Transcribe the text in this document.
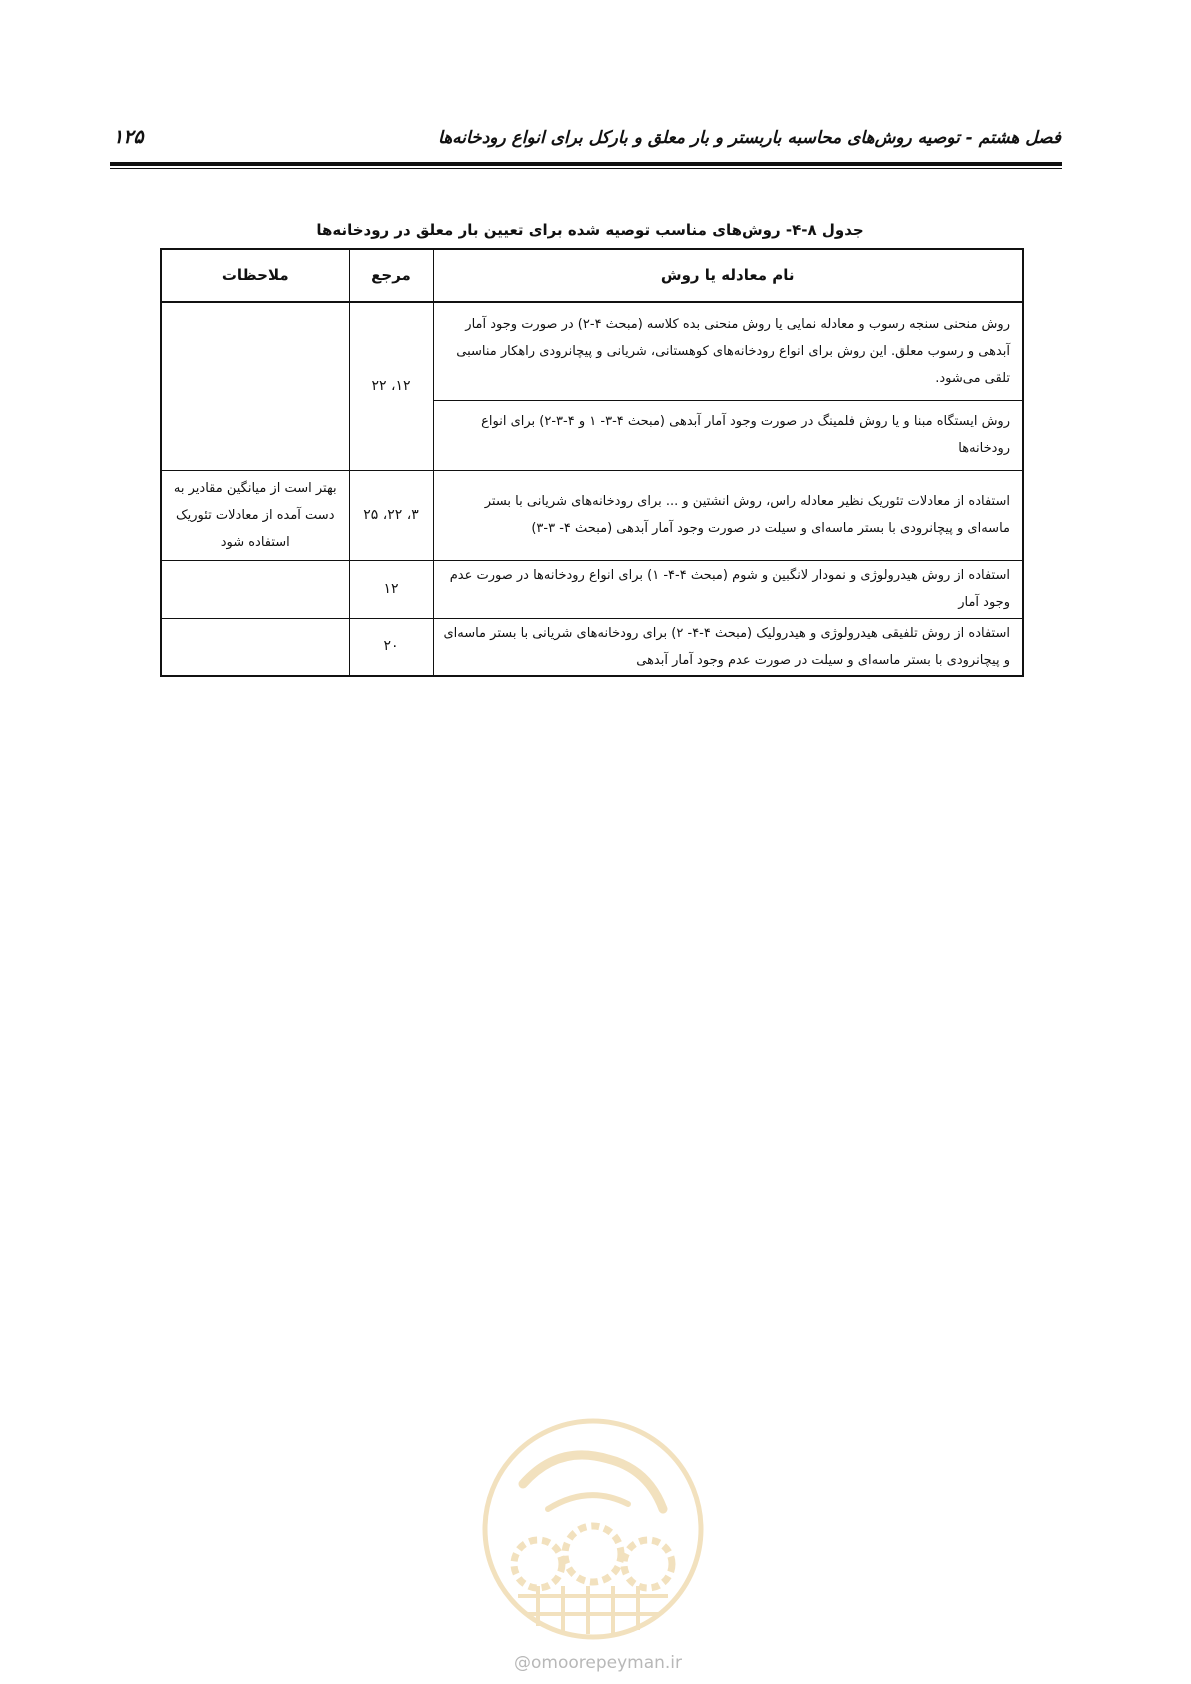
فصل هشتم - توصیه روش‌های محاسبه باربستر و بار معلق و بارکل برای انواع رودخانه‌ها
۱۲۵
جدول ۸-۴- روش‌های مناسب توصیه شده برای تعیین بار معلق در رودخانه‌ها
نام معادله یا روش	مرجع	ملاحظات
روش منحنی سنجه رسوب و معادله نمایی یا روش منحنی بده کلاسه (مبحث ۴-۲) در صورت وجود آمار آبدهی و رسوب معلق. این روش برای انواع رودخانه‌های کوهستانی، شریانی و پیچانرودی راهکار مناسبی تلقی می‌شود.	۱۲، ۲۲	
روش ایستگاه مبنا و یا روش فلمینگ در صورت وجود آمار آبدهی (مبحث ۴-۳- ۱ و ۴-۳-۲) برای انواع رودخانه‌ها		
استفاده از معادلات تئوریک نظیر معادله راس، روش انشتین و ... برای رودخانه‌های شریانی با بستر ماسه‌ای و پیچانرودی با بستر ماسه‌ای و سیلت در صورت وجود آمار آبدهی (مبحث ۴- ۳-۳)	۳، ۲۲، ۲۵	بهتر است از میانگین مقادیر به دست آمده از معادلات تئوریک استفاده شود
استفاده از روش هیدرولوژی و نمودار لانگبین و شوم (مبحث ۴-۴- ۱) برای انواع رودخانه‌ها در صورت عدم وجود آمار	۱۲	
استفاده از روش تلفیقی هیدرولوژی و هیدرولیک (مبحث ۴-۴- ۲) برای رودخانه‌های شریانی با بستر ماسه‌ای و پیچانرودی با بستر ماسه‌ای و سیلت در صورت عدم وجود آمار آبدهی	۲۰	
@omoorepeyman.ir
